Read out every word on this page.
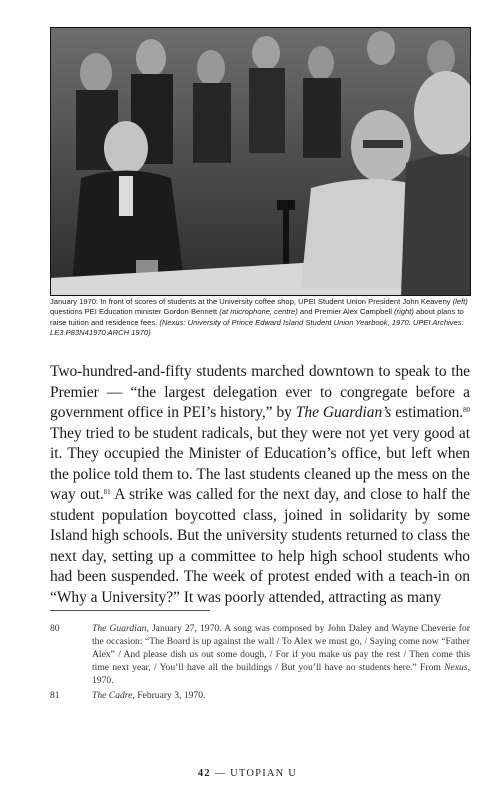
January 1970: In front of scores of students at the University coffee shop, UPEI Student Union President John Keaveny (left) questions PEI Education minister Gordon Bennett (at microphone, centre) and Premier Alex Campbell (right) about plans to raise tuition and residence fees. (Nexus: University of Prince Edward Island Student Union Yearbook, 1970. UPEI Archives: LE3.P83N41970 ARCH 1970)

Two-hundred-and-fifty students marched downtown to speak to the Premier — “the largest delegation ever to congregate before a government office in PEI’s history,” by The Guardian’s estimation.$^{80}$ They tried to be student radicals, but they were not yet very good at it. They occupied the Minister of Education’s office, but left when the police told them to. The last students cleaned up the mess on the way out.$^{81}$ A strike was called for the next day, and close to half the student population boycotted class, joined in solidarity by some Island high schools. But the university students returned to class the next day, setting up a committee to help high school students who had been suspended. The week of protest ended with a teach-in on “Why a University?” It was poorly attended, attracting as many

80	The Guardian, January 27, 1970. A song was composed by John Daley and Wayne Cheverie for the occasion: “The Board is up against the wall / To Alex we must go, / Saying come now “Father Alex” / And please dish us out some dough, / For if you make us pay the rest / Then come this time next year, / You’ll have all the buildings / But you’ll have no students here.” From Nexus, 1970.
81	The Cadre, February 3, 1970.
42 — UTOPIAN U
